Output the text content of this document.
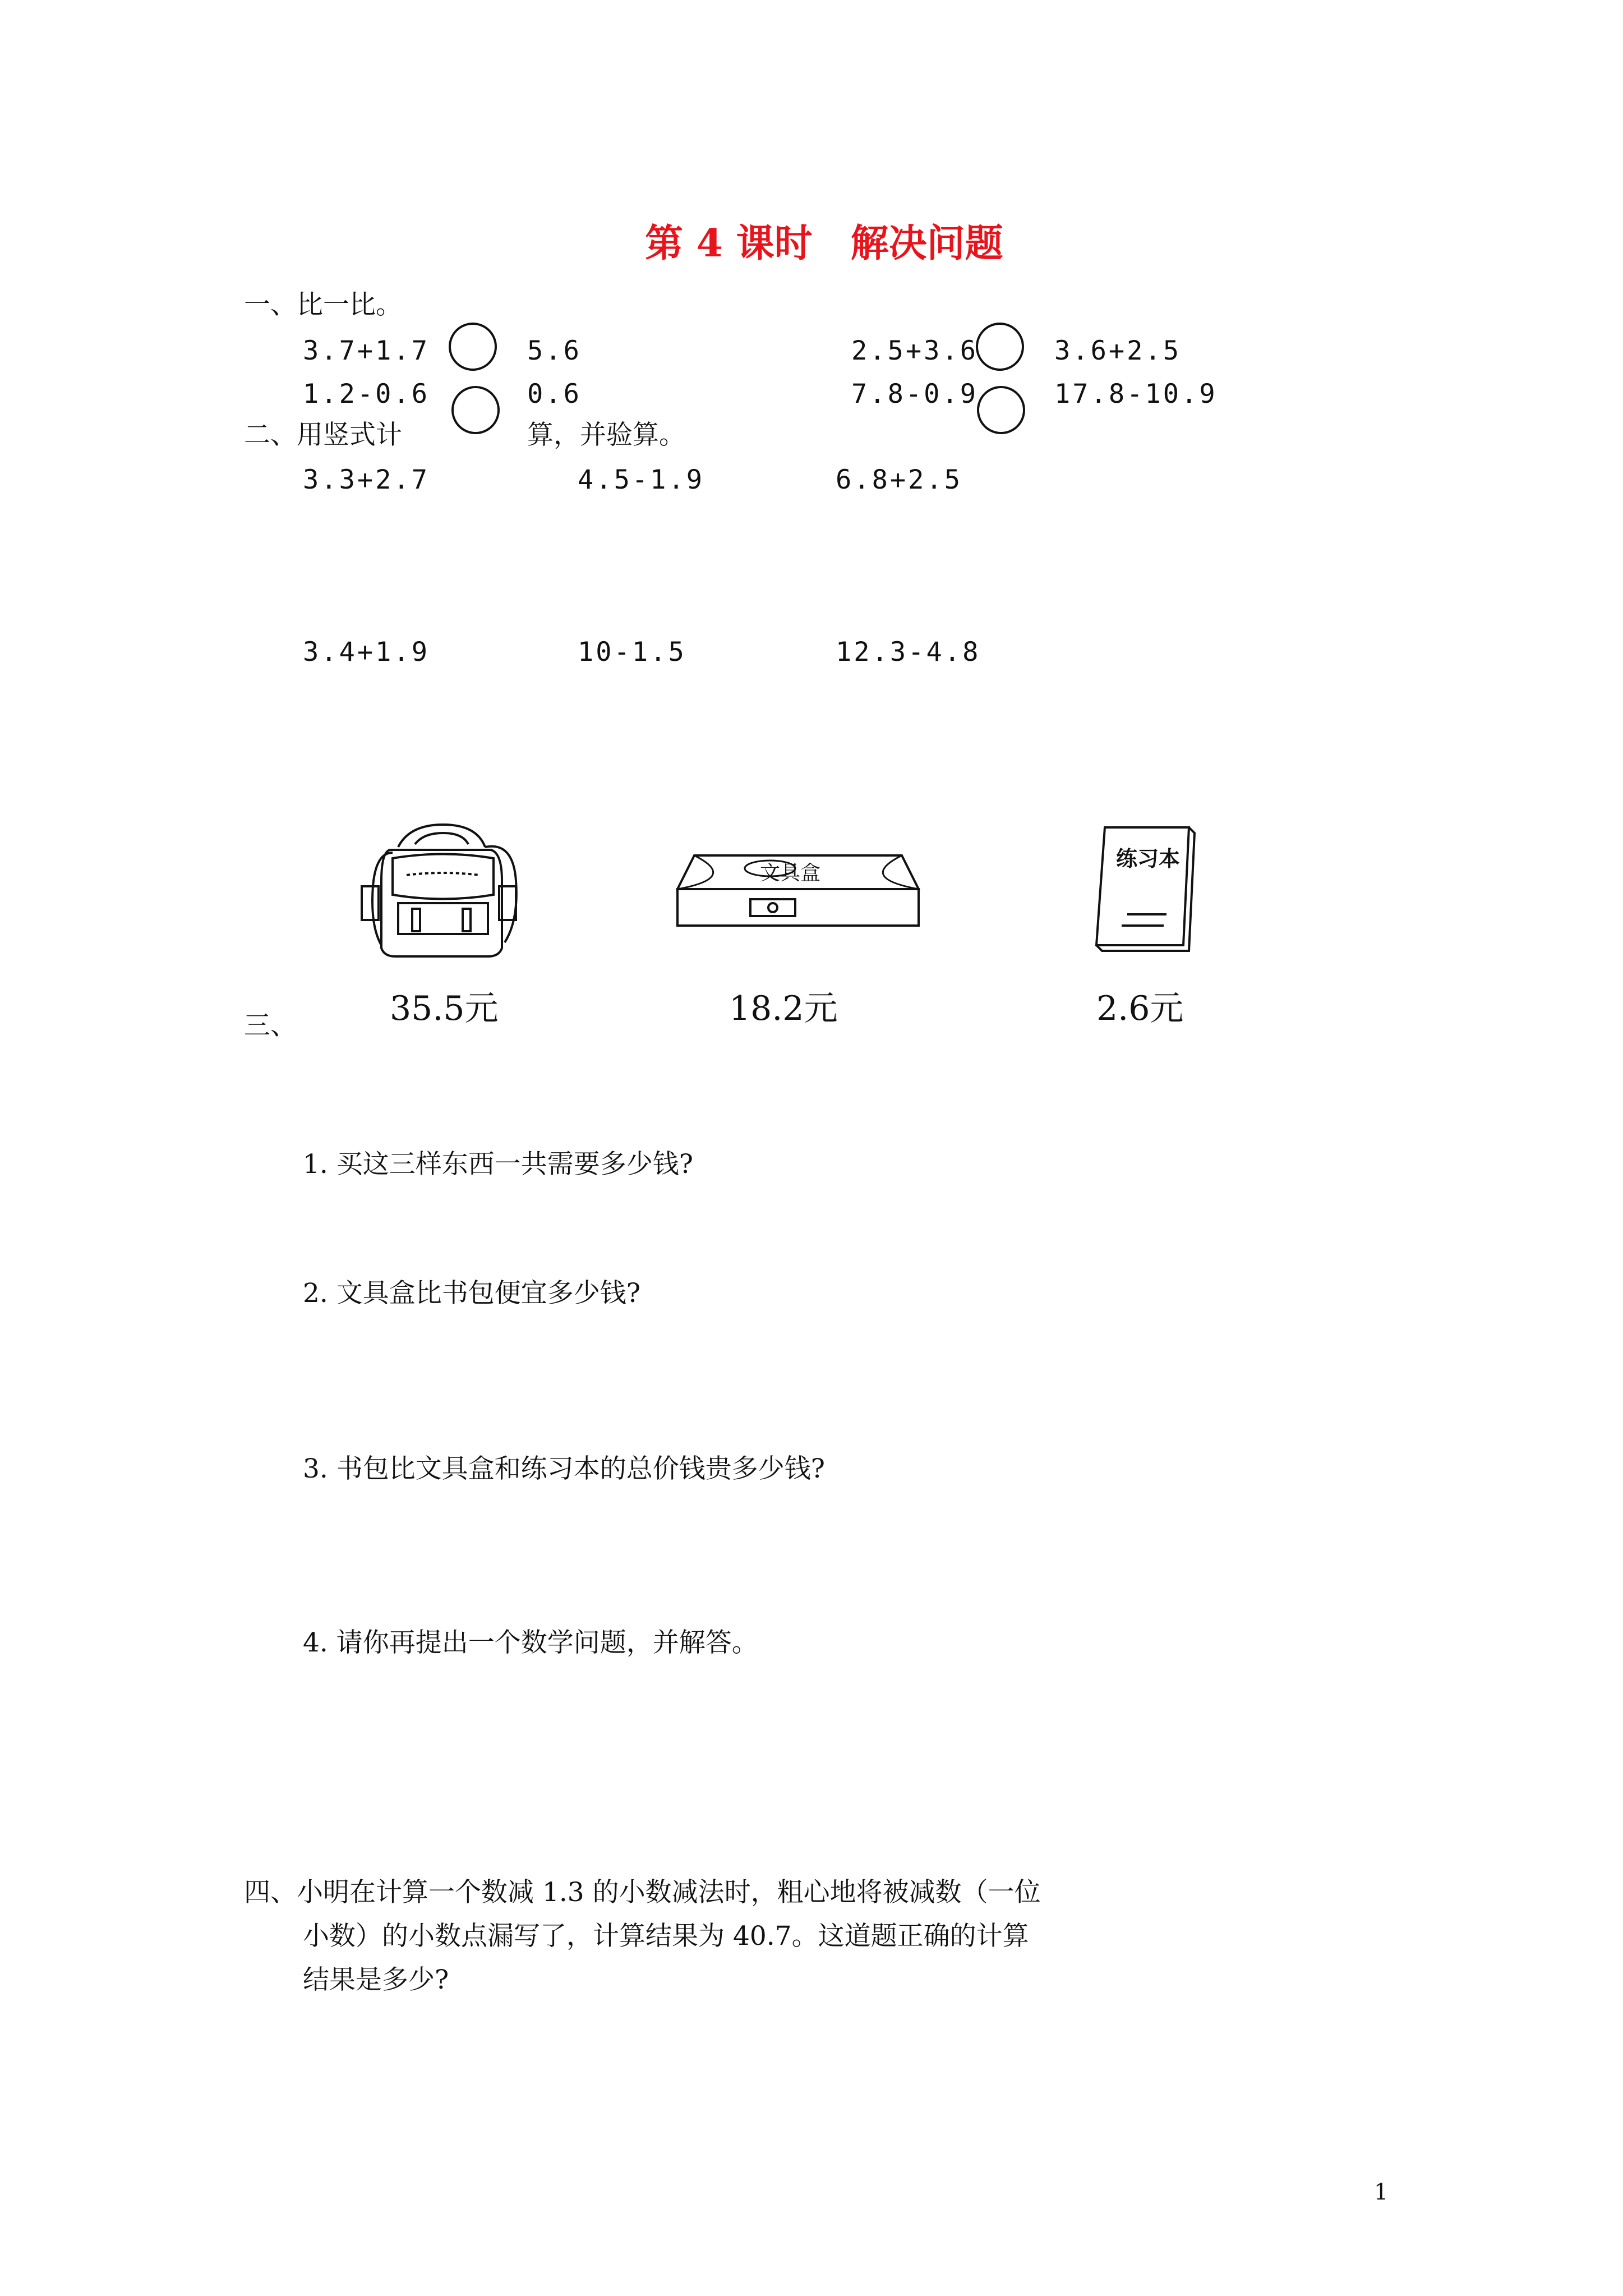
第 4 课时　解决问题
一、比一比。
3.7+1.7	5.6	2.5+3.6	3.6+2.5
1.2-0.6	0.6	7.8-0.9	17.8-10.9
二、用竖式计	算，并验算。
3.3+2.7	4.5-1.9	6.8+2.5
3.4+1.9	10-1.5	12.3-4.8
35.5元
文具盒
18.2元
练习本
2.6元
三、
1. 买这三样东西一共需要多少钱?
2. 文具盒比书包便宜多少钱?
3. 书包比文具盒和练习本的总价钱贵多少钱?
4. 请你再提出一个数学问题，并解答。
四、小明在计算一个数减 1.3 的小数减法时，粗心地将被减数（一位
小数）的小数点漏写了，计算结果为 40.7。这道题正确的计算
结果是多少?
1
